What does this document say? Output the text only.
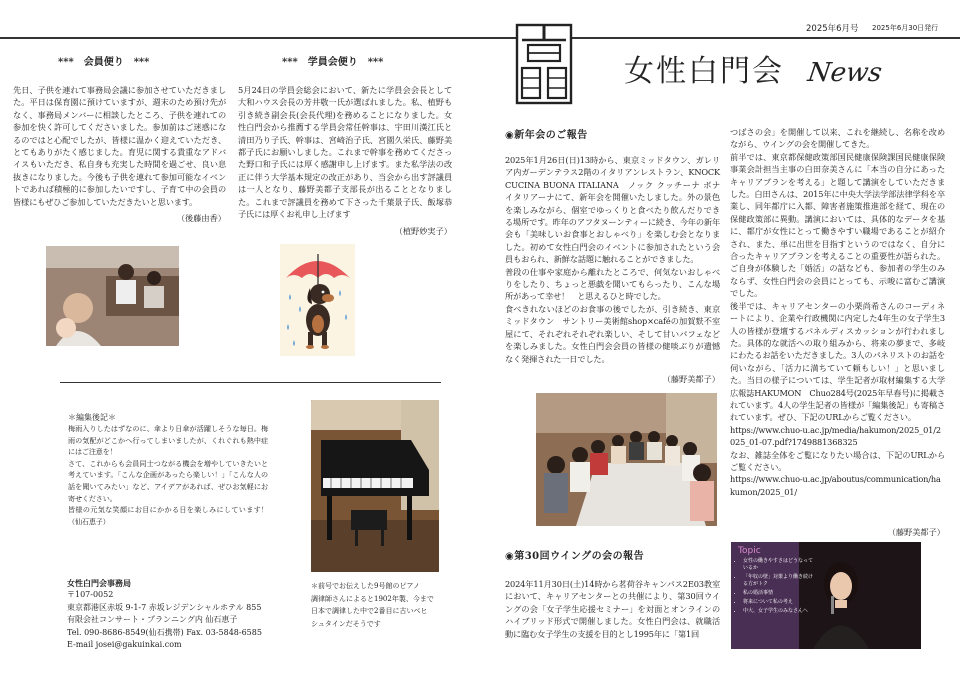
2025年6月号 2025年6月30日発行
女性白門会 News
***　会員便り　***
先日、子供を連れて事務局会議に参加させていただきました。平日は保育園に預けていますが、週末のため預け先がなく、事務局メンバーに相談したところ、子供を連れての参加を快く許可してくださいました。参加前はご迷惑になるのではと心配でしたが、皆様に温かく迎えていただき、とてもありがたく感じました。育児に関する貴重なアドバイスもいただき、私自身も充実した時間を過ごせ、良い息抜きになりました。今後も子供を連れて参加可能なイベントであれば積極的に参加したいですし、子育て中の会員の皆様にもぜひご参加していただきたいと思います。
（後藤由香）
***　学員会便り　***
5月24日の学員会総会において、新たに学員会会長として大和ハウス会長の芳井敬一氏が選ばれました。私、植野も引き続き副会長(会長代理)を務めることになりました。女性白門会から推薦する学員会常任幹事は、宇田川漢江氏と清田乃り子氏、幹事は、宮崎治子氏、宮園久栄氏、藤野美都子氏にお願いしました。これまで幹事を務めてくださった野口和子氏には厚く感謝申し上げます。また私学法の改正に伴う大学基本規定の改正があり、当会から出す評議員は一人となり、藤野美都子支部長が出ることとなりました。これまで評議員を務めて下さった千葉景子氏、飯塚恭子氏には厚くお礼申し上げます
（植野妙実子）
＊編集後記＊
梅雨入りしたはずなのに、傘より日傘が活躍しそうな毎日。梅雨の気配がどこかへ行ってしまいましたが、くれぐれも熱中症にはご注意を！
さて、これからも会員同士つながる機会を増やしていきたいと考えています。「こんな企画があったら楽しい！」「こんな人の話を聞いてみたい」など、アイデアがあれば、ぜひお気軽にお寄せください。
皆様の元気な笑顔にお目にかかる日を楽しみにしています！（仙石恵子）
女性白門会事務局
〒107-0052
東京都港区赤坂 9-1-7 赤坂レジデンシャルホテル 855
有限会社コンサート・プランニング内 仙石恵子
Tel. 090-8686-8549(仙石携帯) Fax. 03-5848-6585
E-mail josei@gakuinkai.com
＊前号でお伝えした9号館のピアノ
調律師さんによると1902年製、今まで
日本で調律した中で2番目に古いベヒ
シュタインだそうです
◉新年会のご報告
2025年1月26日(日)13時から、東京ミッドタウン、ガレリア内ガーデンテラス2階のイタリアンレストラン、KNOCK CUCINA BUONA ITALIANA　ノック クッチーナ ボナ イタリアーナにて、新年会を開催いたしました。外の景色を楽しみながら、個室でゆっくりと食べたり飲んだりできる場所です。昨年のアフタヌーンティーに続き、今年の新年会も「美味しいお食事とおしゃべり」を楽しむ会となりました。初めて女性白門会のイベントに参加されたという会員もおられ、新鮮な話題に触れることができました。
普段の仕事や家庭から離れたところで、何気ないおしゃべりをしたり、ちょっと悪戯を聞いてもらったり、こんな場所があって幸せ！　と思えるひと時でした。
食べきれないほどのお食事の後でしたが、引き続き、東京ミッドタウン　サントリー美術館shop×caféの加賀麩不室屋にて、それぞれそれぞれ楽しい、そして甘いパフェなどを楽しみました。女性白門会会員の皆様の健啖ぶりが遺憾なく発揮された一日でした。
（藤野美都子）
つばさの会」を開催して以来、これを継続し、名称を改めながら、ウイングの会を開催してきた。
前半では、東京都保健政策部国民健康保険課国民健康保険事業会計担当主事の白田奈美さんに「本当の自分にあったキャリアプランを考える」と題して講演をしていただきました。白田さんは、2015年に中央大学法学部法律学科を卒業し、同年都庁に入都、障害者施策推進部を経て、現在の保健政策部に異動。講演においては、具体的なデータを基に、都庁が女性にとって働きやすい職場であることが紹介され、また、単に出世を目指すというのではなく、自分に合ったキャリアプランを考えることの重要性が語られた。ご自身が体験した「婚活」の話なども、参加者の学生のみならず、女性白門会の会員にとっても、示唆に富むご講演でした。
後半では、キャリアセンターの小栗尚希さんのコーディネートにより、企業や行政機関に内定した4年生の女子学生3人の皆様が登壇するパネルディスカッションが行われました。具体的な就活への取り組みから、将来の夢まで、多岐にわたるお話をいただきました。3人のパネリストのお話を伺いながら、「活力に満ちていて頼もしい！」と思いました。当日の様子については、学生記者が取材編集する大学広報誌HAKUMON　Chuo284号(2025年早春号)に掲載されています。4人の学生記者の皆様が「編集後記」も寄稿されています。ぜひ、下記のURLからご覧ください。
https://www.chuo-u.ac.jp/media/hakumon/2025_01/2025_01-07.pdf?1749881368325
なお、雑誌全体をご覧になりたい場合は、下記のURLからご覧ください。
https://www.chuo-u.ac.jp/aboutus/communication/hakumon/2025_01/
（藤野美都子）
◉第30回ウイングの会の報告
2024年11月30日(土)14時から茗荷谷キャンパス2E03教室において、キャリアセンターとの共催により、第30回ウイングの会「女子学生応援セミナー」を対面とオンラインのハイブリッド形式で開催しました。女性白門会は、就職活動に臨む女子学生の支援を目的とし1995年に「第1回
Topic
• 女性の働きやすさはどうなっているか
• 「年収の壁」対策より働き続ける方がトク
• 私の婚活事情
• 将来について私の考え
• 中大、女子学生のみなさんへ
